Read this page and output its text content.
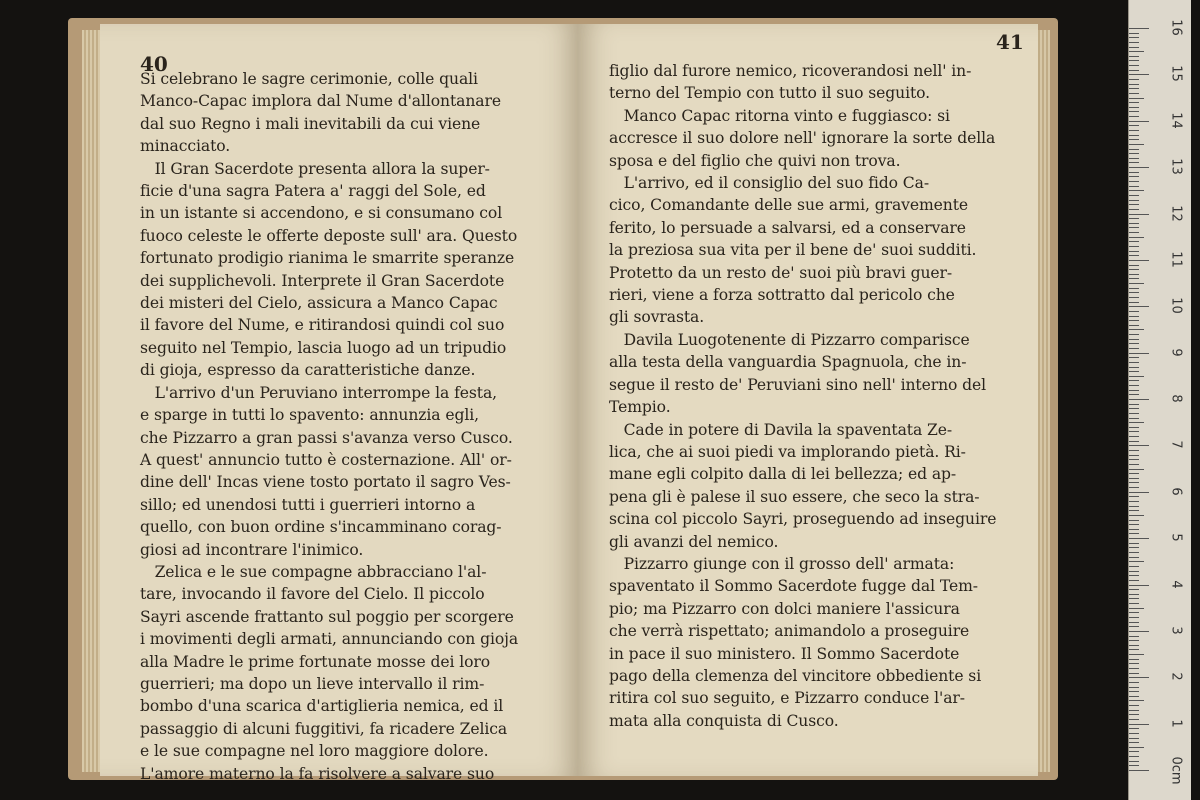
40
41
Si celebrano le sagre cerimonie, colle quali
Manco-Capac implora dal Nume d'allontanare
dal suo Regno i mali inevitabili da cui viene
minacciato.
Il Gran Sacerdote presenta allora la super-
ficie d'una sagra Patera a' raggi del Sole, ed
in un istante si accendono, e si consumano col
fuoco celeste le offerte deposte sull' ara. Questo
fortunato prodigio rianima le smarrite speranze
dei supplichevoli. Interprete il Gran Sacerdote
dei misteri del Cielo, assicura a Manco Capac
il favore del Nume, e ritirandosi quindi col suo
seguito nel Tempio, lascia luogo ad un tripudio
di gioja, espresso da caratteristiche danze.
L'arrivo d'un Peruviano interrompe la festa,
e sparge in tutti lo spavento: annunzia egli,
che Pizzarro a gran passi s'avanza verso Cusco.
A quest' annuncio tutto è costernazione. All' or-
dine dell' Incas viene tosto portato il sagro Ves-
sillo; ed unendosi tutti i guerrieri intorno a
quello, con buon ordine s'incamminano corag-
giosi ad incontrare l'inimico.
Zelica e le sue compagne abbracciano l'al-
tare, invocando il favore del Cielo. Il piccolo
Sayri ascende frattanto sul poggio per scorgere
i movimenti degli armati, annunciando con gioja
alla Madre le prime fortunate mosse dei loro
guerrieri; ma dopo un lieve intervallo il rim-
bombo d'una scarica d'artiglieria nemica, ed il
passaggio di alcuni fuggitivi, fa ricadere Zelica
e le sue compagne nel loro maggiore dolore.
L'amore materno la fa risolvere a salvare suo
figlio dal furore nemico, ricoverandosi nell' in-
terno del Tempio con tutto il suo seguito.
Manco Capac ritorna vinto e fuggiasco: si
accresce il suo dolore nell' ignorare la sorte della
sposa e del figlio che quivi non trova.
L'arrivo, ed il consiglio del suo fido Ca-
cico, Comandante delle sue armi, gravemente
ferito, lo persuade a salvarsi, ed a conservare
la preziosa sua vita per il bene de' suoi sudditi.
Protetto da un resto de' suoi più bravi guer-
rieri, viene a forza sottratto dal pericolo che
gli sovrasta.
Davila Luogotenente di Pizzarro comparisce
alla testa della vanguardia Spagnuola, che in-
segue il resto de' Peruviani sino nell' interno del
Tempio.
Cade in potere di Davila la spaventata Ze-
lica, che ai suoi piedi va implorando pietà. Ri-
mane egli colpito dalla di lei bellezza; ed ap-
pena gli è palese il suo essere, che seco la stra-
scina col piccolo Sayri, proseguendo ad inseguire
gli avanzi del nemico.
Pizzarro giunge con il grosso dell' armata:
spaventato il Sommo Sacerdote fugge dal Tem-
pio; ma Pizzarro con dolci maniere l'assicura
che verrà rispettato; animandolo a proseguire
in pace il suo ministero. Il Sommo Sacerdote
pago della clemenza del vincitore obbediente si
ritira col suo seguito, e Pizzarro conduce l'ar-
mata alla conquista di Cusco.
0cm
1
2
3
4
5
6
7
8
9
10
11
12
13
14
15
16
